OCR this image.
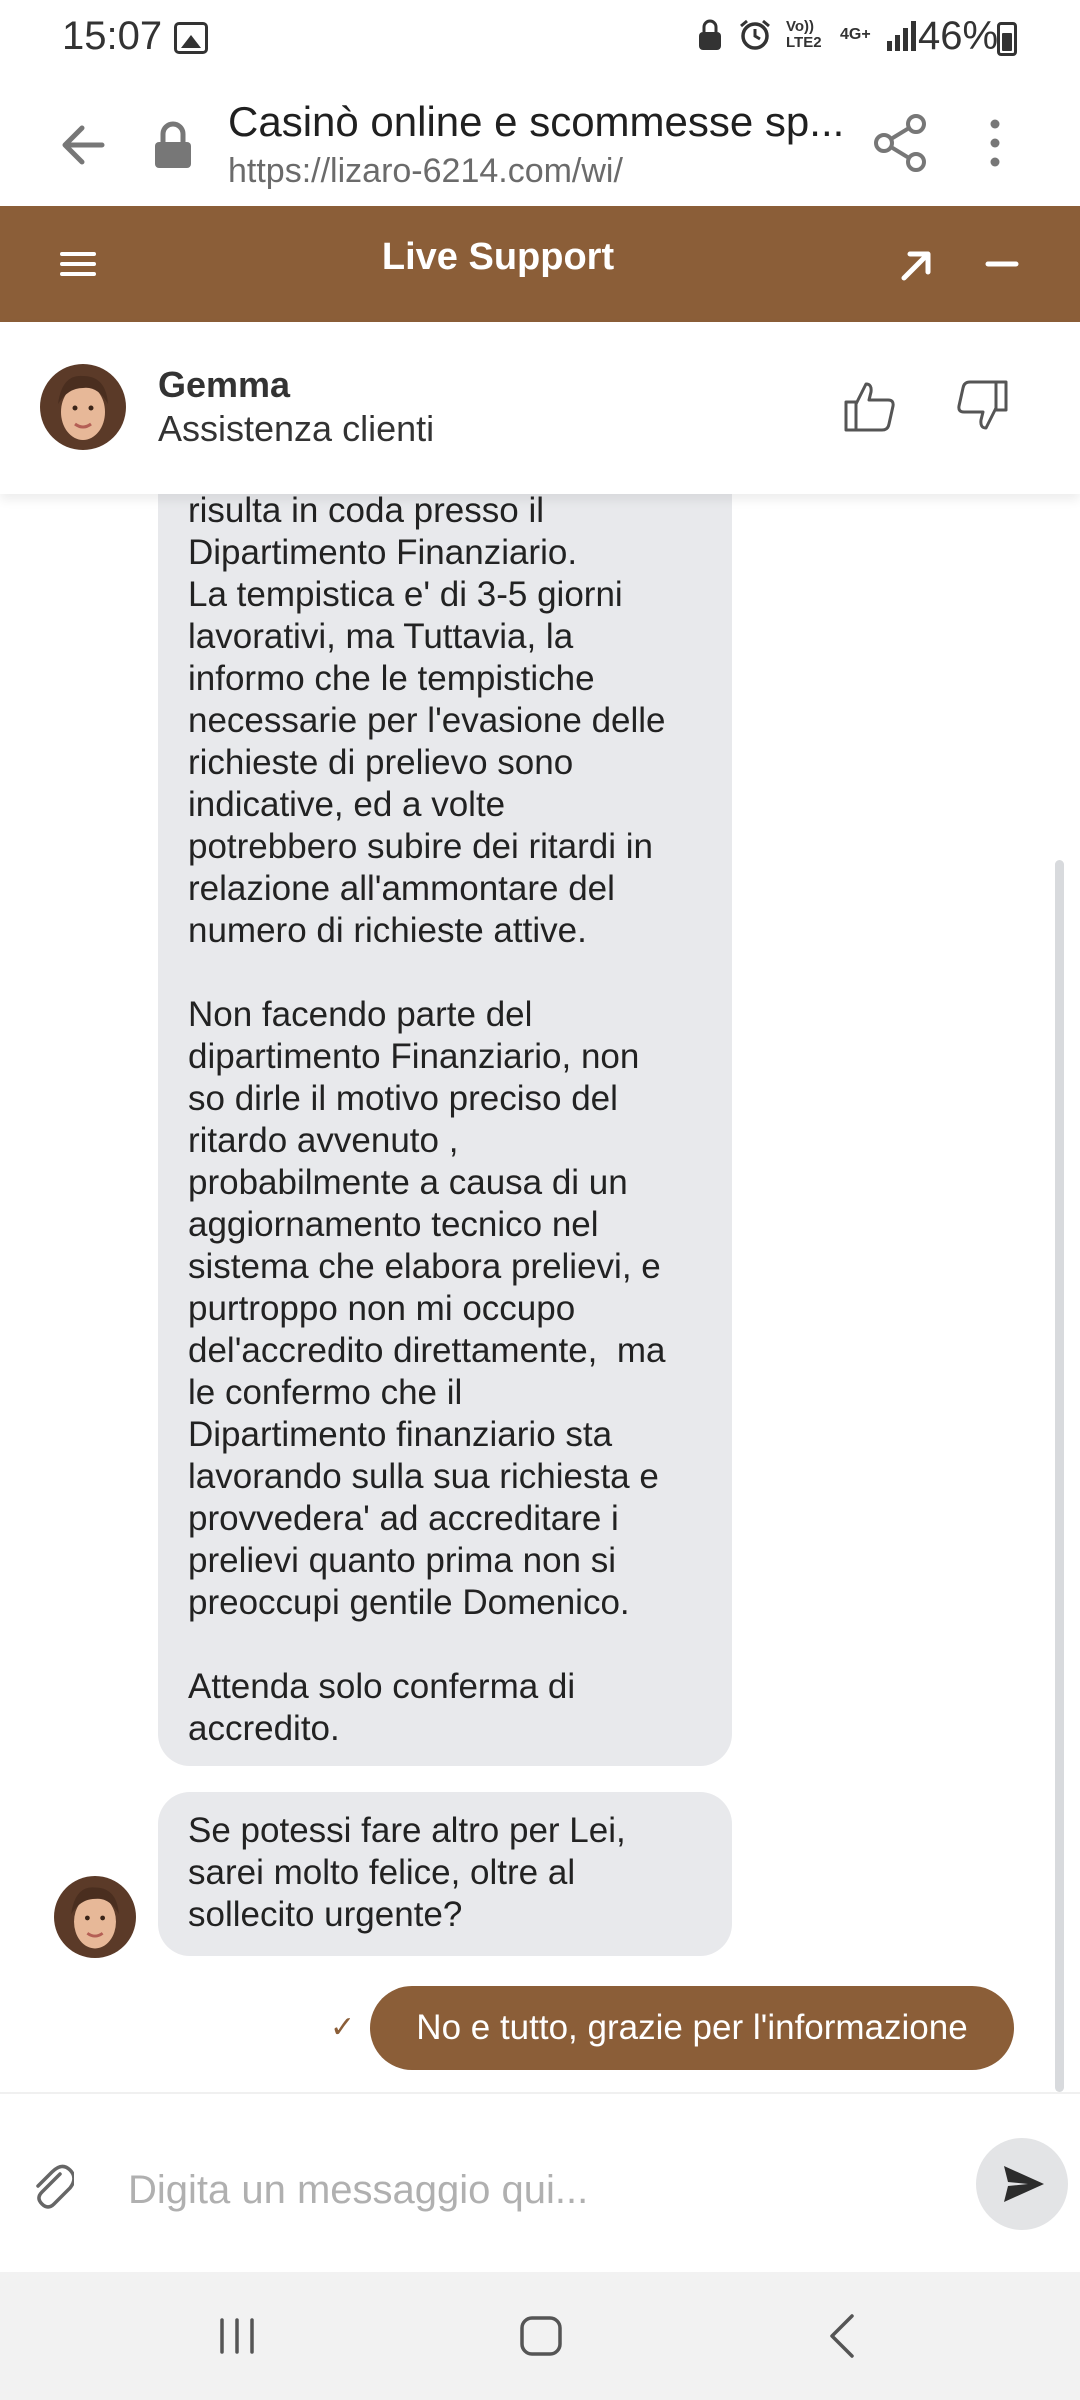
15:07	Vo)) LTE2 4G+ 46%
Casinò online e scommesse sp...
https://lizaro-6214.com/wi/
Live Support
Gemma
Assistenza clienti
risulta in coda presso il
Dipartimento Finanziario.
La tempistica e' di 3-5 giorni
lavorativi, ma Tuttavia, la
informo che le tempistiche
necessarie per l'evasione delle
richieste di prelievo sono
indicative, ed a volte
potrebbero subire dei ritardi in
relazione all'ammontare del
numero di richieste attive.

Non facendo parte del
dipartimento Finanziario, non
so dirle il motivo preciso del
ritardo avvenuto ,
probabilmente a causa di un
aggiornamento tecnico nel
sistema che elabora prelievi, e
purtroppo non mi occupo
del'accredito direttamente,  ma
le confermo che il
Dipartimento finanziario sta
lavorando sulla sua richiesta e
provvedera' ad accreditare i
prelievi quanto prima non si
preoccupi gentile Domenico.

Attenda solo conferma di
accredito.
Se potessi fare altro per Lei,
sarei molto felice, oltre al
sollecito urgente?
✓	No e tutto, grazie per l'informazione
Digita un messaggio qui...
